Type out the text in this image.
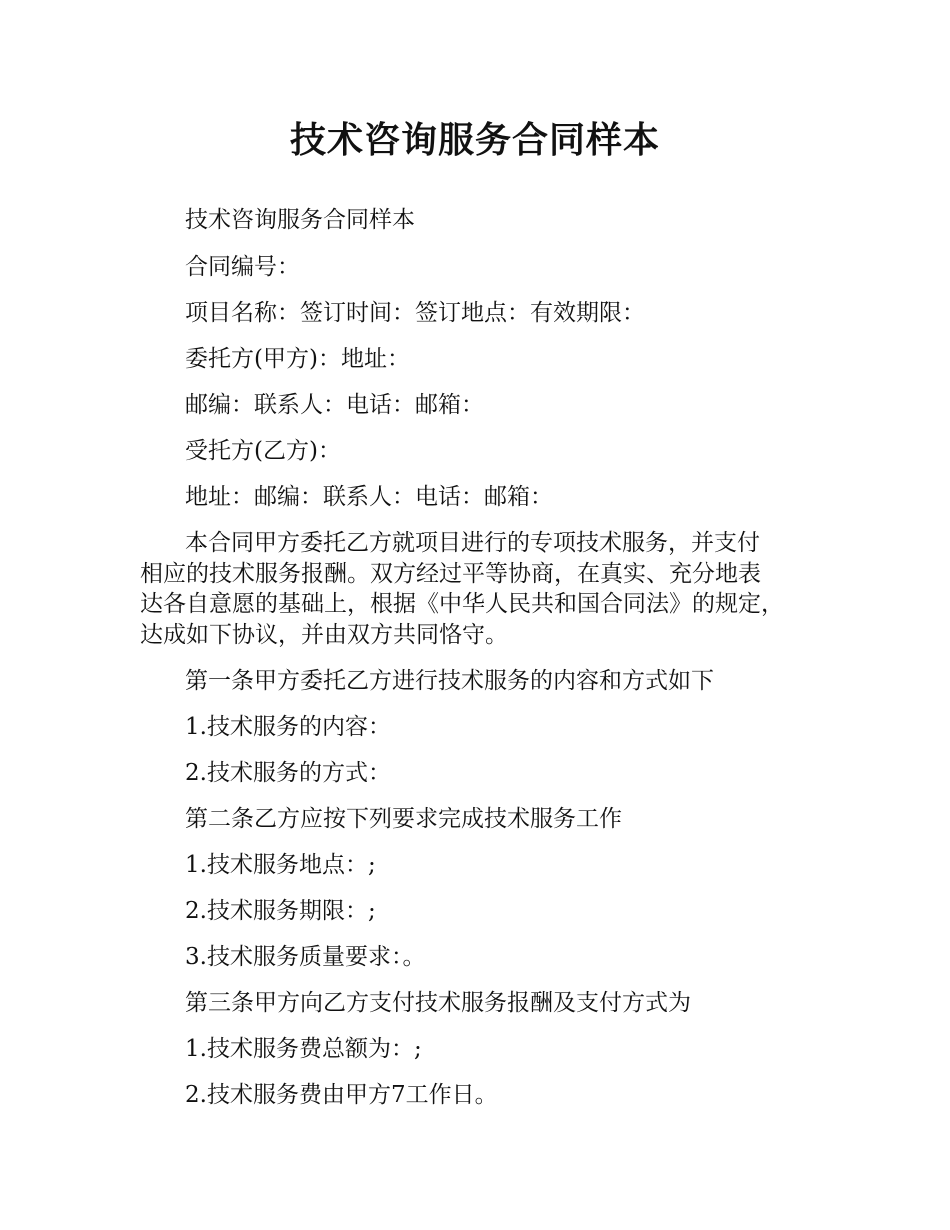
技术咨询服务合同样本

技术咨询服务合同样本

合同编号：

项目名称：签订时间：签订地点：有效期限：

委托方(甲方)：地址：

邮编：联系人：电话：邮箱：

受托方(乙方)：

地址：邮编：联系人：电话：邮箱：

本合同甲方委托乙方就项目进行的专项技术服务，并支付
相应的技术服务报酬。双方经过平等协商，在真实、充分地表
达各自意愿的基础上，根据《中华人民共和国合同法》的规定，
达成如下协议，并由双方共同恪守。

第一条甲方委托乙方进行技术服务的内容和方式如下

1.技术服务的内容：

2.技术服务的方式：

第二条乙方应按下列要求完成技术服务工作

1.技术服务地点：;

2.技术服务期限：;

3.技术服务质量要求：。

第三条甲方向乙方支付技术服务报酬及支付方式为

1.技术服务费总额为：;

2.技术服务费由甲方7工作日。
